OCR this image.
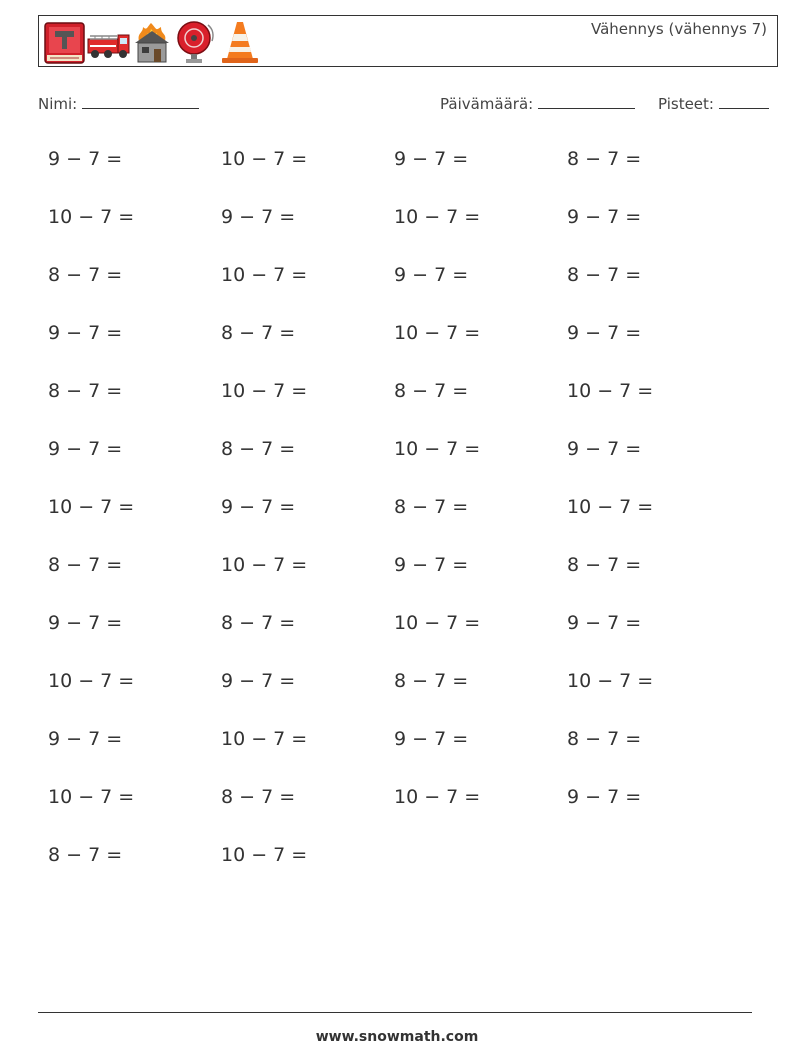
Vähennys (vähennys 7)
Nimi:	Päivämäärä:	Pisteet:
9 − 7 =	10 − 7 =	9 − 7 =	8 − 7 =
10 − 7 =	9 − 7 =	10 − 7 =	9 − 7 =
8 − 7 =	10 − 7 =	9 − 7 =	8 − 7 =
9 − 7 =	8 − 7 =	10 − 7 =	9 − 7 =
8 − 7 =	10 − 7 =	8 − 7 =	10 − 7 =
9 − 7 =	8 − 7 =	10 − 7 =	9 − 7 =
10 − 7 =	9 − 7 =	8 − 7 =	10 − 7 =
8 − 7 =	10 − 7 =	9 − 7 =	8 − 7 =
9 − 7 =	8 − 7 =	10 − 7 =	9 − 7 =
10 − 7 =	9 − 7 =	8 − 7 =	10 − 7 =
9 − 7 =	10 − 7 =	9 − 7 =	8 − 7 =
10 − 7 =	8 − 7 =	10 − 7 =	9 − 7 =
8 − 7 =	10 − 7 =
www.snowmath.com
